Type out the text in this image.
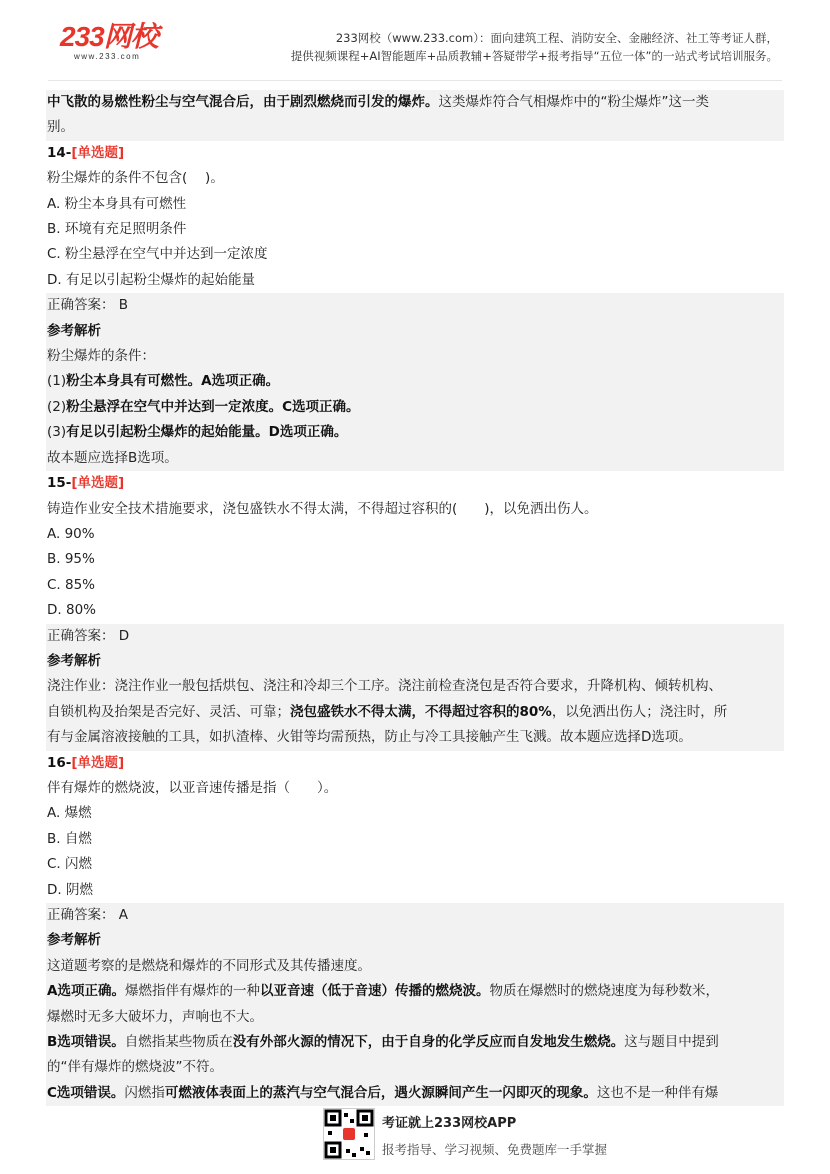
233网校
www.233.com
233网校（www.233.com）：面向建筑工程、消防安全、金融经济、社工等考证人群，
提供视频课程+AI智能题库+品质教辅+答疑带学+报考指导“五位一体”的一站式考试培训服务。
中飞散的易燃性粉尘与空气混合后，由于剧烈燃烧而引发的爆炸。这类爆炸符合气相爆炸中的“粉尘爆炸”这一类
别。
14-[单选题]
粉尘爆炸的条件不包含(　 )。
A. 粉尘本身具有可燃性
B. 环境有充足照明条件
C. 粉尘悬浮在空气中并达到一定浓度
D. 有足以引起粉尘爆炸的起始能量
正确答案： B
参考解析
粉尘爆炸的条件：
(1)粉尘本身具有可燃性。A选项正确。
(2)粉尘悬浮在空气中并达到一定浓度。C选项正确。
(3)有足以引起粉尘爆炸的起始能量。D选项正确。
故本题应选择B选项。
15-[单选题]
铸造作业安全技术措施要求，浇包盛铁水不得太满，不得超过容积的(　　)，以免洒出伤人。
A. 90%
B. 95%
C. 85%
D. 80%
正确答案： D
参考解析
浇注作业：浇注作业一般包括烘包、浇注和冷却三个工序。浇注前检查浇包是否符合要求，升降机构、倾转机构、
自锁机构及抬架是否完好、灵活、可靠；浇包盛铁水不得太满，不得超过容积的80%，以免洒出伤人；浇注时，所
有与金属溶液接触的工具，如扒渣棒、火钳等均需预热，防止与冷工具接触产生飞溅。故本题应选择D选项。
16-[单选题]
伴有爆炸的燃烧波，以亚音速传播是指（　　）。
A. 爆燃
B. 自燃
C. 闪燃
D. 阴燃
正确答案： A
参考解析
这道题考察的是燃烧和爆炸的不同形式及其传播速度。
A选项正确。爆燃指伴有爆炸的一种以亚音速（低于音速）传播的燃烧波。物质在爆燃时的燃烧速度为每秒数米，
爆燃时无多大破坏力，声响也不大。
B选项错误。自燃指某些物质在没有外部火源的情况下，由于自身的化学反应而自发地发生燃烧。这与题目中提到
的“伴有爆炸的燃烧波”不符。
C选项错误。闪燃指可燃液体表面上的蒸汽与空气混合后，遇火源瞬间产生一闪即灭的现象。这也不是一种伴有爆
考证就上233网校APP
报考指导、学习视频、免费题库一手掌握
